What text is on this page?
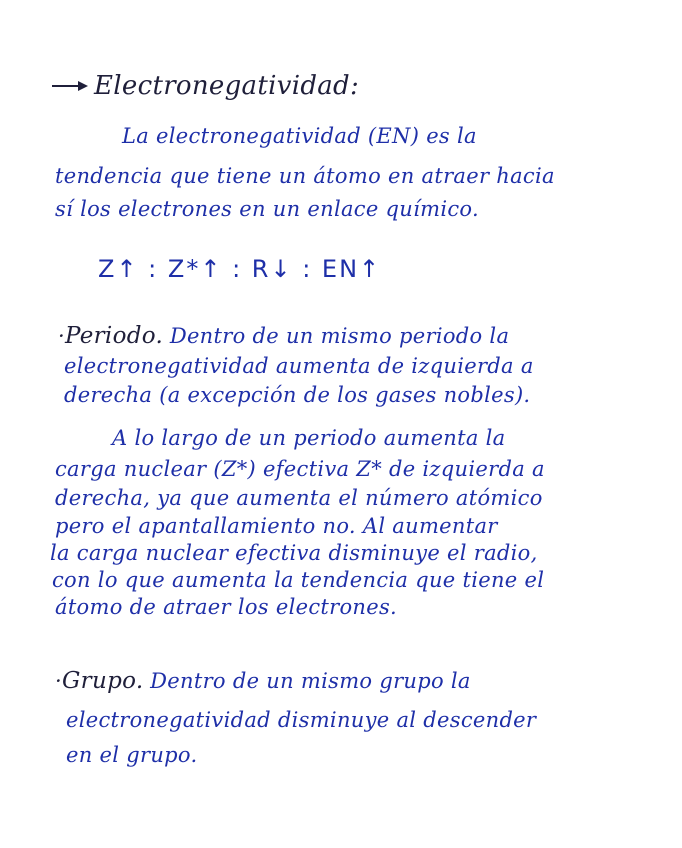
Electronegatividad:
La electronegatividad (EN) es la
tendencia que tiene un átomo en atraer hacia
sí los electrones en un enlace químico.
Z↑ : Z*↑ : R↓ : EN↑
·Periodo. Dentro de un mismo periodo la
electronegatividad aumenta de izquierda a
derecha (a excepción de los gases nobles).
A lo largo de un periodo aumenta la
carga nuclear (Z*) efectiva Z* de izquierda a
derecha, ya que aumenta el número atómico
pero el apantallamiento no. Al aumentar
la carga nuclear efectiva disminuye el radio,
con lo que aumenta la tendencia que tiene el
átomo de atraer los electrones.
·Grupo. Dentro de un mismo grupo la
electronegatividad disminuye al descender
en el grupo.
